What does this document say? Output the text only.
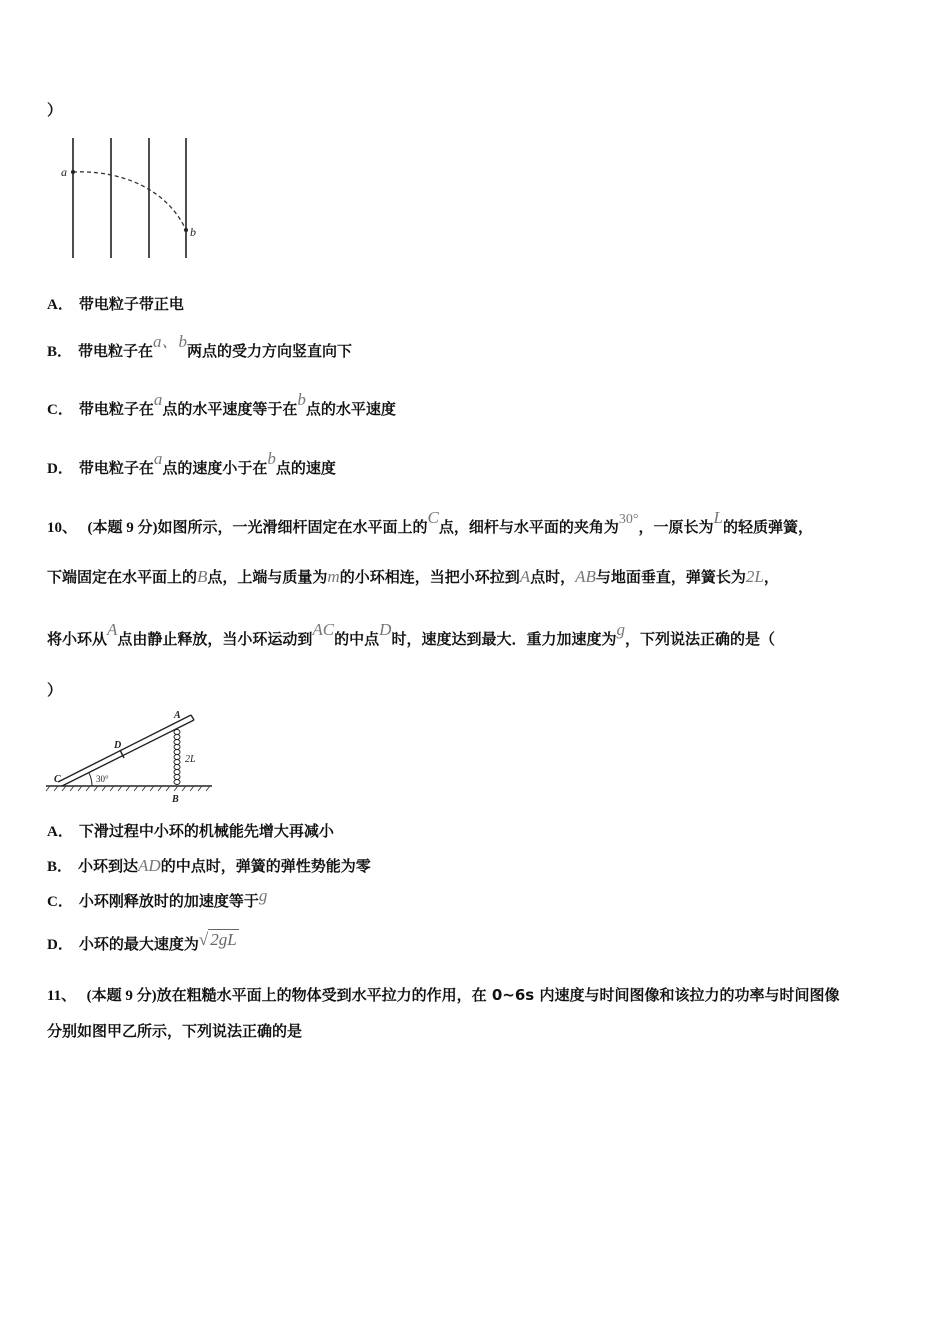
）
a
b
A． 带电粒子带正电
B． 带电粒子在a、b两点的受力方向竖直向下
C． 带电粒子在a点的水平速度等于在b点的水平速度
D． 带电粒子在a点的速度小于在b点的速度
10、 (本题 9 分)如图所示，一光滑细杆固定在水平面上的C点，细杆与水平面的夹角为30°，一原长为L的轻质弹簧，
下端固定在水平面上的B点，上端与质量为m的小环相连，当把小环拉到A点时，AB与地面垂直，弹簧长为2L，
将小环从A点由静止释放，当小环运动到AC的中点D时，速度达到最大．重力加速度为g，下列说法正确的是（
）
A
D
C	30°
2L
B
A． 下滑过程中小环的机械能先增大再减小
B． 小环到达AD的中点时，弹簧的弹性势能为零
C． 小环刚释放时的加速度等于g
D． 小环的最大速度为√ 2gL
11、 (本题 9 分)放在粗糙水平面上的物体受到水平拉力的作用，在 0~6s 内速度与时间图像和该拉力的功率与时间图像
分别如图甲乙所示，下列说法正确的是
